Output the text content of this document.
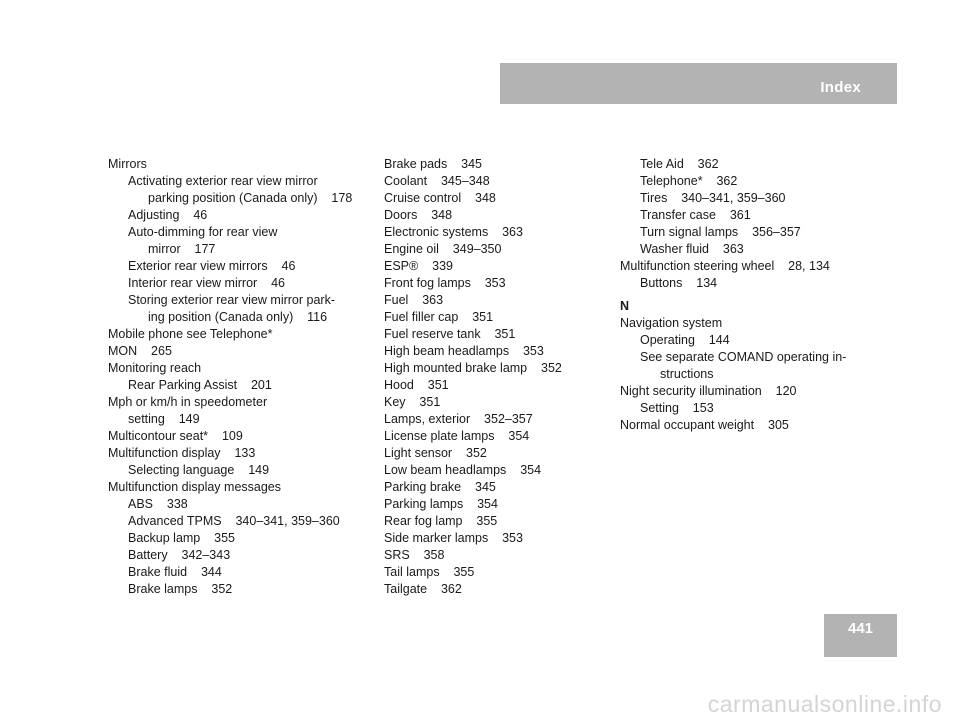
Index
Mirrors
Activating exterior rear view mirror
parking position (Canada only)    178
Adjusting    46
Auto-dimming for rear view
mirror    177
Exterior rear view mirrors    46
Interior rear view mirror    46
Storing exterior rear view mirror park-
ing position (Canada only)    116
Mobile phone see Telephone*
MON    265
Monitoring reach
Rear Parking Assist    201
Mph or km/h in speedometer
setting    149
Multicontour seat*    109
Multifunction display    133
Selecting language    149
Multifunction display messages
ABS    338
Advanced TPMS    340–341, 359–360
Backup lamp    355
Battery    342–343
Brake fluid    344
Brake lamps    352
Brake pads    345
Coolant    345–348
Cruise control    348
Doors    348
Electronic systems    363
Engine oil    349–350
ESP®    339
Front fog lamps    353
Fuel    363
Fuel filler cap    351
Fuel reserve tank    351
High beam headlamps    353
High mounted brake lamp    352
Hood    351
Key    351
Lamps, exterior    352–357
License plate lamps    354
Light sensor    352
Low beam headlamps    354
Parking brake    345
Parking lamps    354
Rear fog lamp    355
Side marker lamps    353
SRS    358
Tail lamps    355
Tailgate    362
Tele Aid    362
Telephone*    362
Tires    340–341, 359–360
Transfer case    361
Turn signal lamps    356–357
Washer fluid    363
Multifunction steering wheel    28, 134
Buttons    134
N
Navigation system
Operating    144
See separate COMAND operating in-
structions
Night security illumination    120
Setting    153
Normal occupant weight    305
441
carmanualsonline.info
